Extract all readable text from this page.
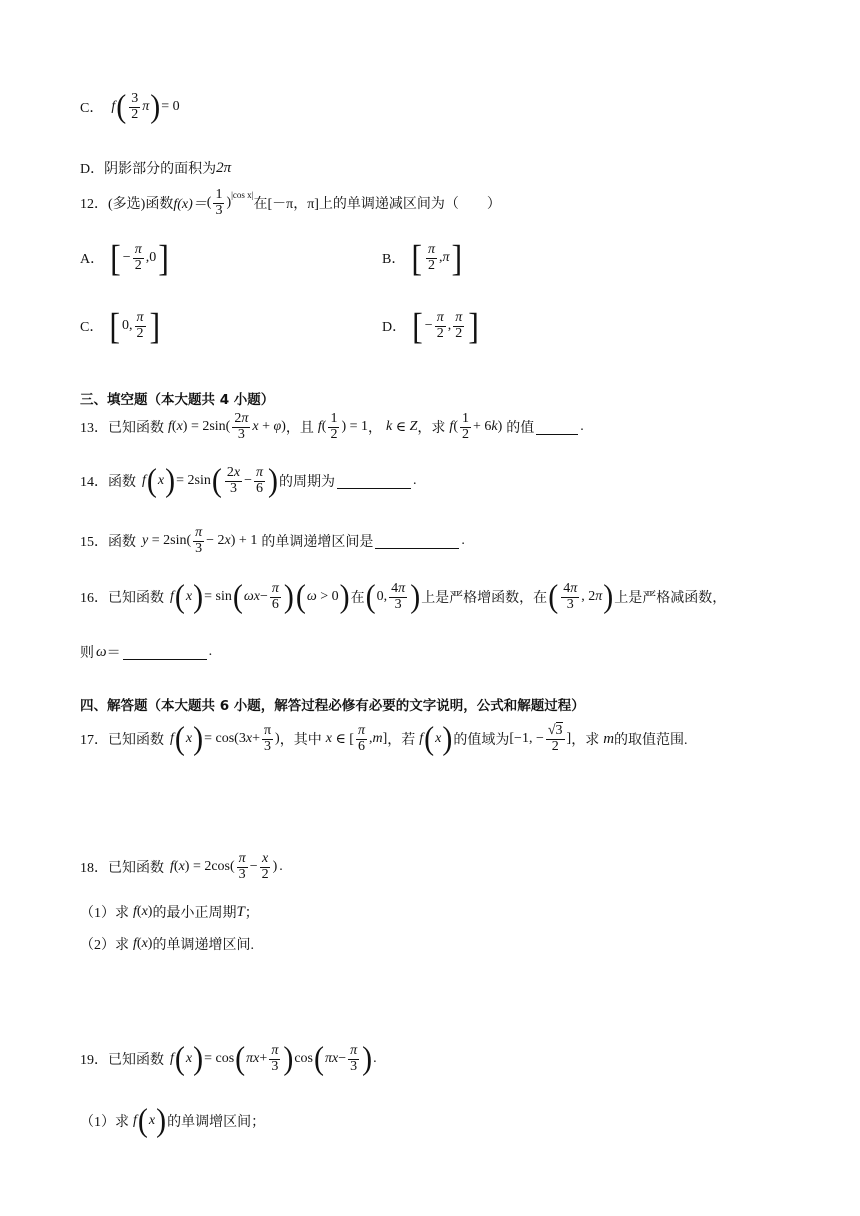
C． f ( $\frac{3}{2}$ π ) = 0
D． 阴影部分的面积为 2π
12． (多选)函数 f(x)＝ ( $\frac{1}{3}$ ) |cos x|
在[－π，π]上的单调递减区间为（　　）
A． [ − $\frac{\pi}{2}$ , 0 ]	B． [ $\frac{\pi}{2}$ , π ]
C． [ 0 , $\frac{\pi}{2}$ ]	D． [ − $\frac{\pi}{2}$ , $\frac{\pi}{2}$ ]
三、填空题（本大题共 4 小题）
13． 已知函数 f ( x ) = $2\sin( \frac{2\pi}{3}$ x + φ ) ，且 f ( $\frac{1}{2}$ ) = 1 ， k ∈ Z ，求 f ( $\frac{1}{2} + 6$ k ) 的值	.
14． 函数 f ( x ) = 2sin ( $\frac{2x}{3} - \frac{\pi}{6}$ ) 的周期为	.
15． 函数 $y = 2\sin( \frac{\pi}{3} - 2$ x ) + 1 的单调递增区间是	.
16． 已知函数 f ( x ) = sin ( $\omega x - \frac{\pi}{6}$ ) ( ω > 0 ) 在 ( 0, $\frac{4\pi}{3}$ ) 上是严格增函数，在 ( $\frac{4\pi}{3}$ , 2 π ) 上是严格减函数，
则 ω ＝	.
四、解答题（本大题共 6 小题，解答过程必修有必要的文字说明，公式和解题过程）
17． 已知函数 f ( x ) = cos(3 $x + \frac{\pi}{3}$ ) ，其中 x ∈ [ $\frac{\pi}{6}$ , m ] ，若 f ( x ) 的值域为 [−1, − $\frac{√3}{2}$ ] ，求 m 的取值范围.
18． 已知函数 f ( x ) = $2\cos( \frac{\pi}{3} - \frac{x}{2}$ ) .
（1）求 f ( x ) 的最小正周期 T ；
（2）求 f ( x ) 的单调递增区间.
19． 已知函数 f ( x ) = cos ( $\pi x + \frac{\pi}{3}$ ) cos ( $\pi x - \frac{\pi}{3}$ ) .
（1）求 f ( x ) 的单调增区间；
